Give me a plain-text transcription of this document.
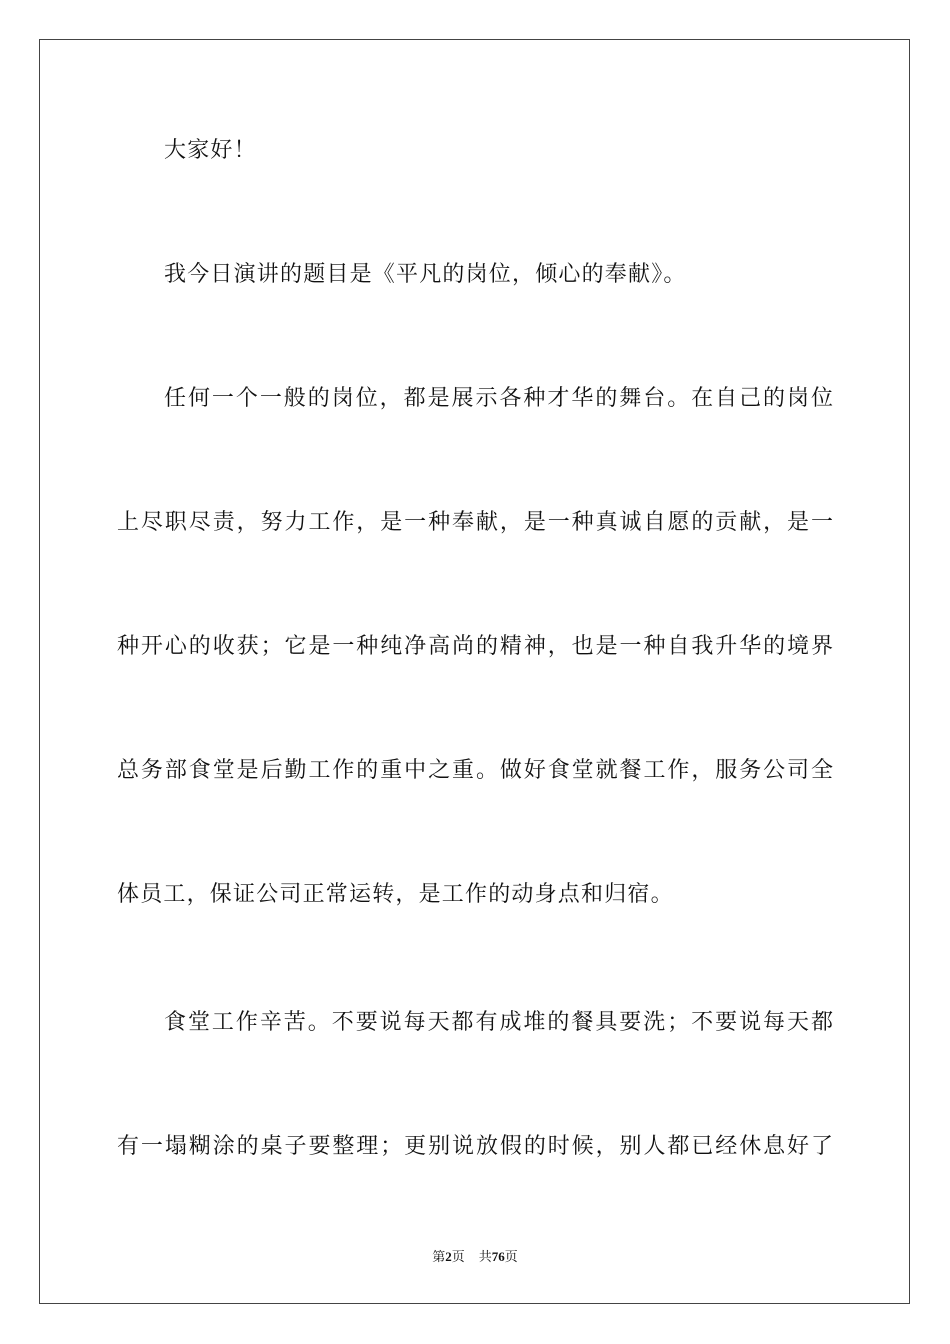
大家好！
我今日演讲的题目是《平凡的岗位，倾心的奉献》。
任何一个一般的岗位，都是展示各种才华的舞台。在自己的岗位
上尽职尽责，努力工作，是一种奉献，是一种真诚自愿的贡献，是一
种开心的收获；它是一种纯净高尚的精神，也是一种自我升华的境界
总务部食堂是后勤工作的重中之重。做好食堂就餐工作，服务公司全
体员工，保证公司正常运转，是工作的动身点和归宿。
食堂工作辛苦。不要说每天都有成堆的餐具要洗；不要说每天都
有一塌糊涂的桌子要整理；更别说放假的时候，别人都已经休息好了
第2页 共76页
